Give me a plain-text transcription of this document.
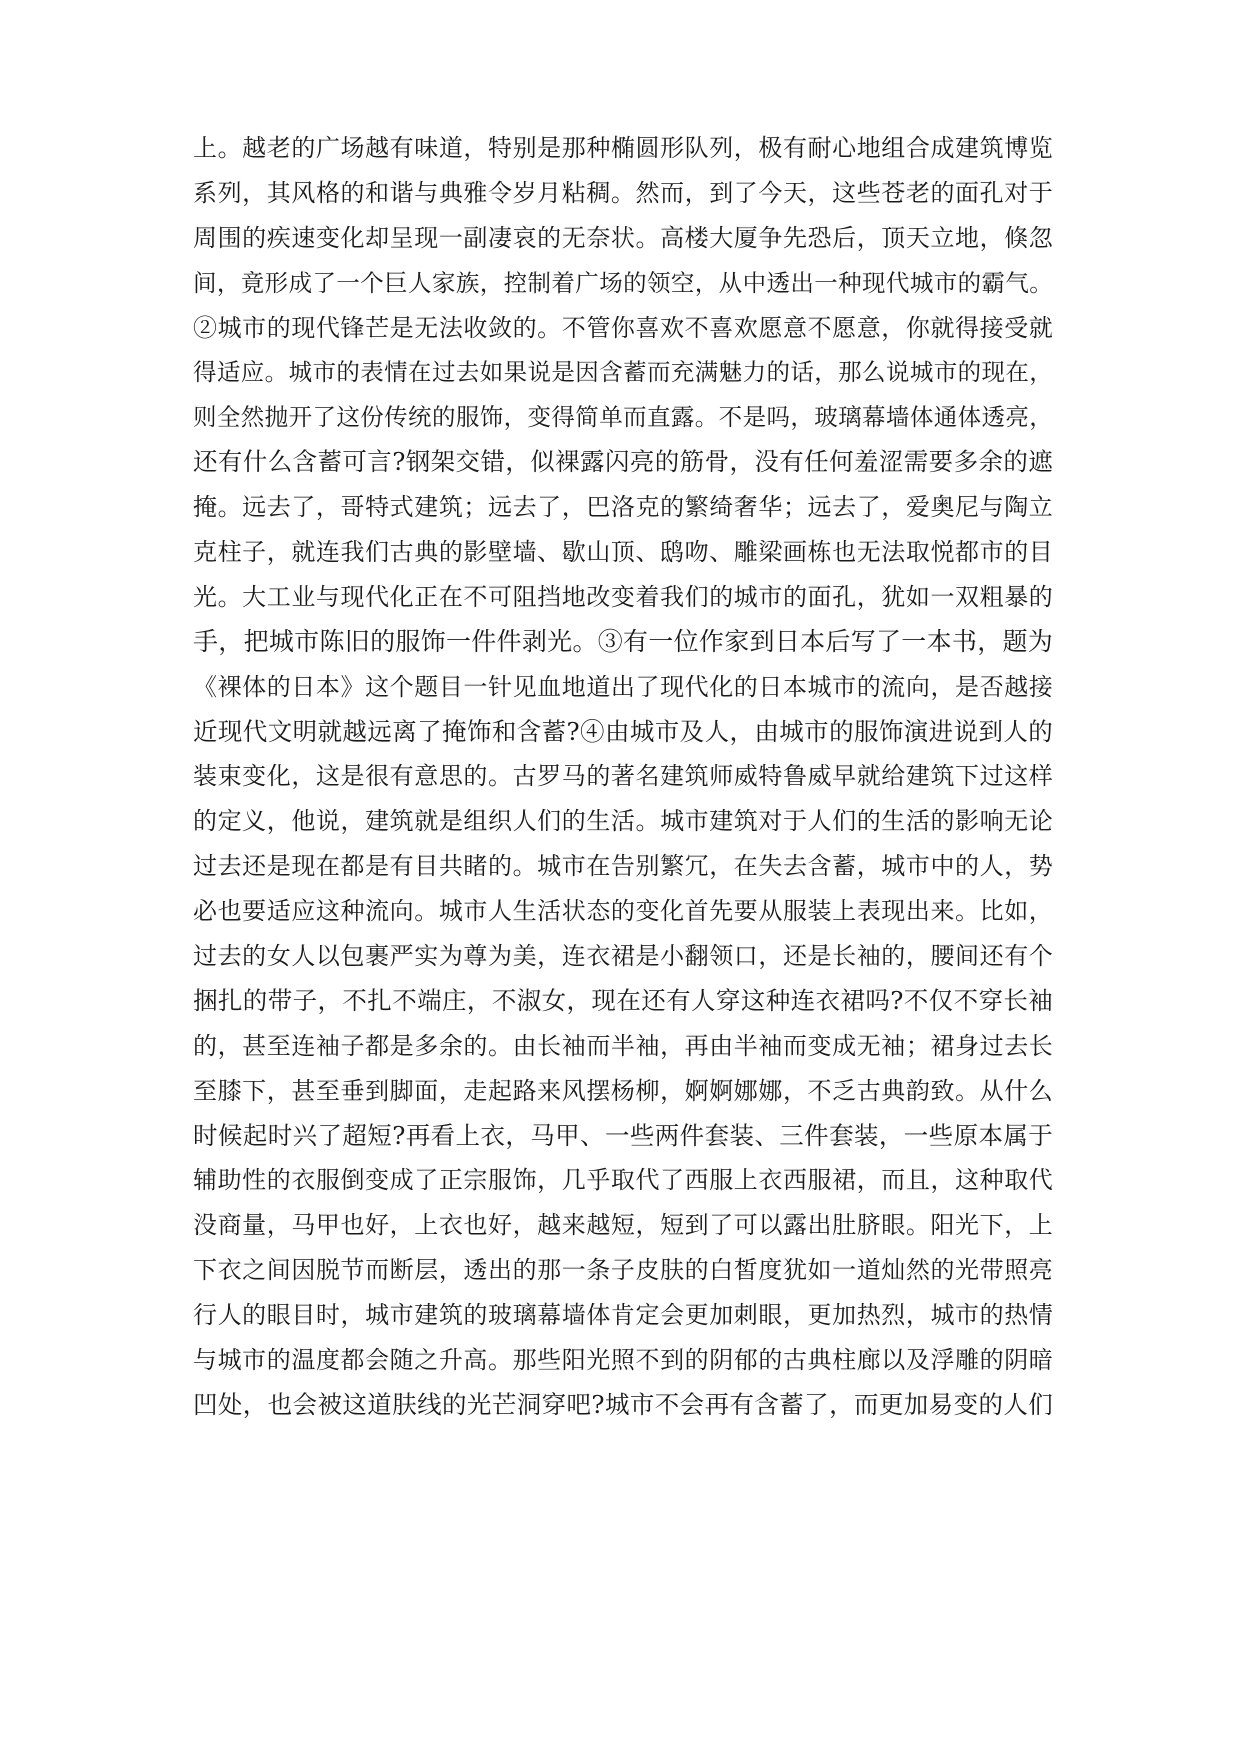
上。越老的广场越有味道，特别是那种椭圆形队列，极有耐心地组合成建筑博览
系列，其风格的和谐与典雅令岁月粘稠。然而，到了今天，这些苍老的面孔对于
周围的疾速变化却呈现一副凄哀的无奈状。高楼大厦争先恐后，顶天立地，倏忽
间，竟形成了一个巨人家族，控制着广场的领空，从中透出一种现代城市的霸气。
②城市的现代锋芒是无法收敛的。不管你喜欢不喜欢愿意不愿意，你就得接受就
得适应。城市的表情在过去如果说是因含蓄而充满魅力的话，那么说城市的现在，
则全然抛开了这份传统的服饰，变得简单而直露。不是吗，玻璃幕墙体通体透亮，
还有什么含蓄可言?钢架交错，似裸露闪亮的筋骨，没有任何羞涩需要多余的遮
掩。远去了，哥特式建筑；远去了，巴洛克的繁绮奢华；远去了，爱奥尼与陶立
克柱子，就连我们古典的影壁墙、歇山顶、鸱吻、雕梁画栋也无法取悦都市的目
光。大工业与现代化正在不可阻挡地改变着我们的城市的面孔，犹如一双粗暴的
手，把城市陈旧的服饰一件件剥光。③有一位作家到日本后写了一本书，题为
《裸体的日本》这个题目一针见血地道出了现代化的日本城市的流向，是否越接
近现代文明就越远离了掩饰和含蓄?④由城市及人，由城市的服饰演进说到人的
装束变化，这是很有意思的。古罗马的著名建筑师威特鲁威早就给建筑下过这样
的定义，他说，建筑就是组织人们的生活。城市建筑对于人们的生活的影响无论
过去还是现在都是有目共睹的。城市在告别繁冗，在失去含蓄，城市中的人，势
必也要适应这种流向。城市人生活状态的变化首先要从服装上表现出来。比如，
过去的女人以包裹严实为尊为美，连衣裙是小翻领口，还是长袖的，腰间还有个
捆扎的带子，不扎不端庄，不淑女，现在还有人穿这种连衣裙吗?不仅不穿长袖
的，甚至连袖子都是多余的。由长袖而半袖，再由半袖而变成无袖；裙身过去长
至膝下，甚至垂到脚面，走起路来风摆杨柳，婀婀娜娜，不乏古典韵致。从什么
时候起时兴了超短?再看上衣，马甲、一些两件套装、三件套装，一些原本属于
辅助性的衣服倒变成了正宗服饰，几乎取代了西服上衣西服裙，而且，这种取代
没商量，马甲也好，上衣也好，越来越短，短到了可以露出肚脐眼。阳光下，上
下衣之间因脱节而断层，透出的那一条子皮肤的白皙度犹如一道灿然的光带照亮
行人的眼目时，城市建筑的玻璃幕墙体肯定会更加刺眼，更加热烈，城市的热情
与城市的温度都会随之升高。那些阳光照不到的阴郁的古典柱廊以及浮雕的阴暗
凹处，也会被这道肤线的光芒洞穿吧?城市不会再有含蓄了，而更加易变的人们
